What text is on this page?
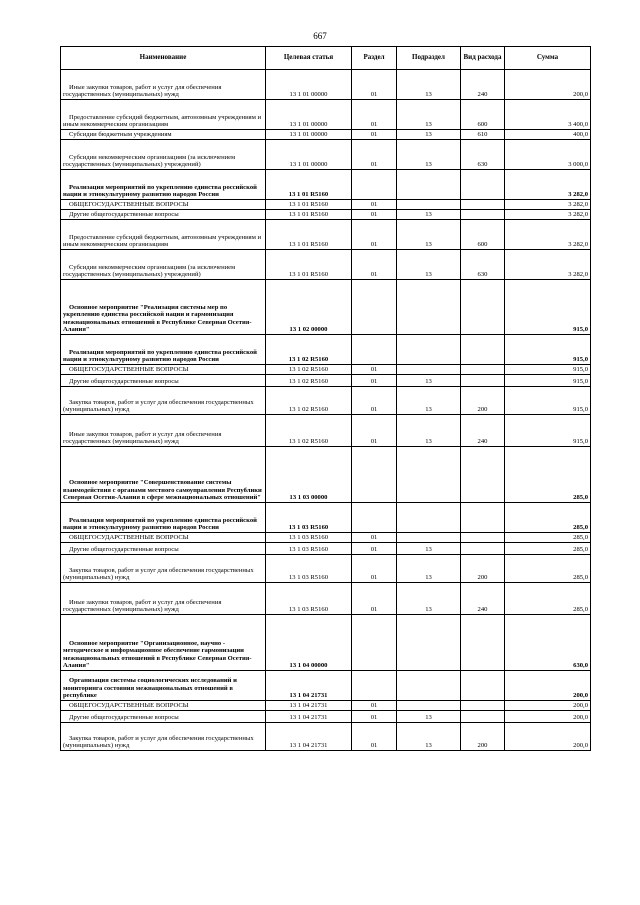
667
Наименование	Целевая статья	Раздел	Подраздел	Вид расхода	Сумма
Иные закупки товаров, работ и услуг для обеспечения государственных (муниципальных) нужд	13 1 01 00000	01	13	240	200,0
Предоставление субсидий бюджетным, автономным учреждениям и иным некоммерческим организациям	13 1 01 00000	01	13	600	3 400,0
Субсидии бюджетным учреждениям	13 1 01 00000	01	13	610	400,0
Субсидии некоммерческим организациям (за исключением государственных (муниципальных) учреждений)	13 1 01 00000	01	13	630	3 000,0
Реализация мероприятий по укреплению единства российской нации и этнокультурному развитию народов России	13 1 01 R5160				3 282,0
ОБЩЕГОСУДАРСТВЕННЫЕ ВОПРОСЫ	13 1 01 R5160	01			3 282,0
Другие общегосударственные вопросы	13 1 01 R5160	01	13		3 282,0
Предоставление субсидий бюджетным, автономным учреждениям и иным некоммерческим организациям	13 1 01 R5160	01	13	600	3 282,0
Субсидии некоммерческим организациям (за исключением государственных (муниципальных) учреждений)	13 1 01 R5160	01	13	630	3 282,0
Основное мероприятие "Реализация системы мер по укреплению единства российской нации и гармонизация межнациональных отношений в Республике Северная Осетия-Алания"	13 1 02 00000				915,0
Реализация мероприятий по укреплению единства российской нации и этнокультурному развитию народов России	13 1 02 R5160				915,0
ОБЩЕГОСУДАРСТВЕННЫЕ ВОПРОСЫ	13 1 02 R5160	01			915,0
Другие общегосударственные вопросы	13 1 02 R5160	01	13		915,0
Закупка товаров, работ и услуг для обеспечения государственных (муниципальных) нужд	13 1 02 R5160	01	13	200	915,0
Иные закупки товаров, работ и услуг для обеспечения государственных (муниципальных) нужд	13 1 02 R5160	01	13	240	915,0
Основное мероприятие "Совершенствование системы взаимодействия с органами местного самоуправления Республики Северная Осетия-Алания в сфере межнациональных отношений"	13 1 03 00000				285,0
Реализация мероприятий по укреплению единства российской нации и этнокультурному развитию народов России	13 1 03 R5160				285,0
ОБЩЕГОСУДАРСТВЕННЫЕ ВОПРОСЫ	13 1 03 R5160	01			285,0
Другие общегосударственные вопросы	13 1 03 R5160	01	13		285,0
Закупка товаров, работ и услуг для обеспечения государственных (муниципальных) нужд	13 1 03 R5160	01	13	200	285,0
Иные закупки товаров, работ и услуг для обеспечения государственных (муниципальных) нужд	13 1 03 R5160	01	13	240	285,0
Основное мероприятие "Организационное, научно - методическое и информационное обеспечение гармонизации межнациональных отношений в Республике Северная Осетия-Алания"	13 1 04 00000				630,0
Организация системы социологических исследований и мониторинга состояния межнациональных отношений в республике	13 1 04 21731				200,0
ОБЩЕГОСУДАРСТВЕННЫЕ ВОПРОСЫ	13 1 04 21731	01			200,0
Другие общегосударственные вопросы	13 1 04 21731	01	13		200,0
Закупка товаров, работ и услуг для обеспечения государственных (муниципальных) нужд	13 1 04 21731	01	13	200	200,0
